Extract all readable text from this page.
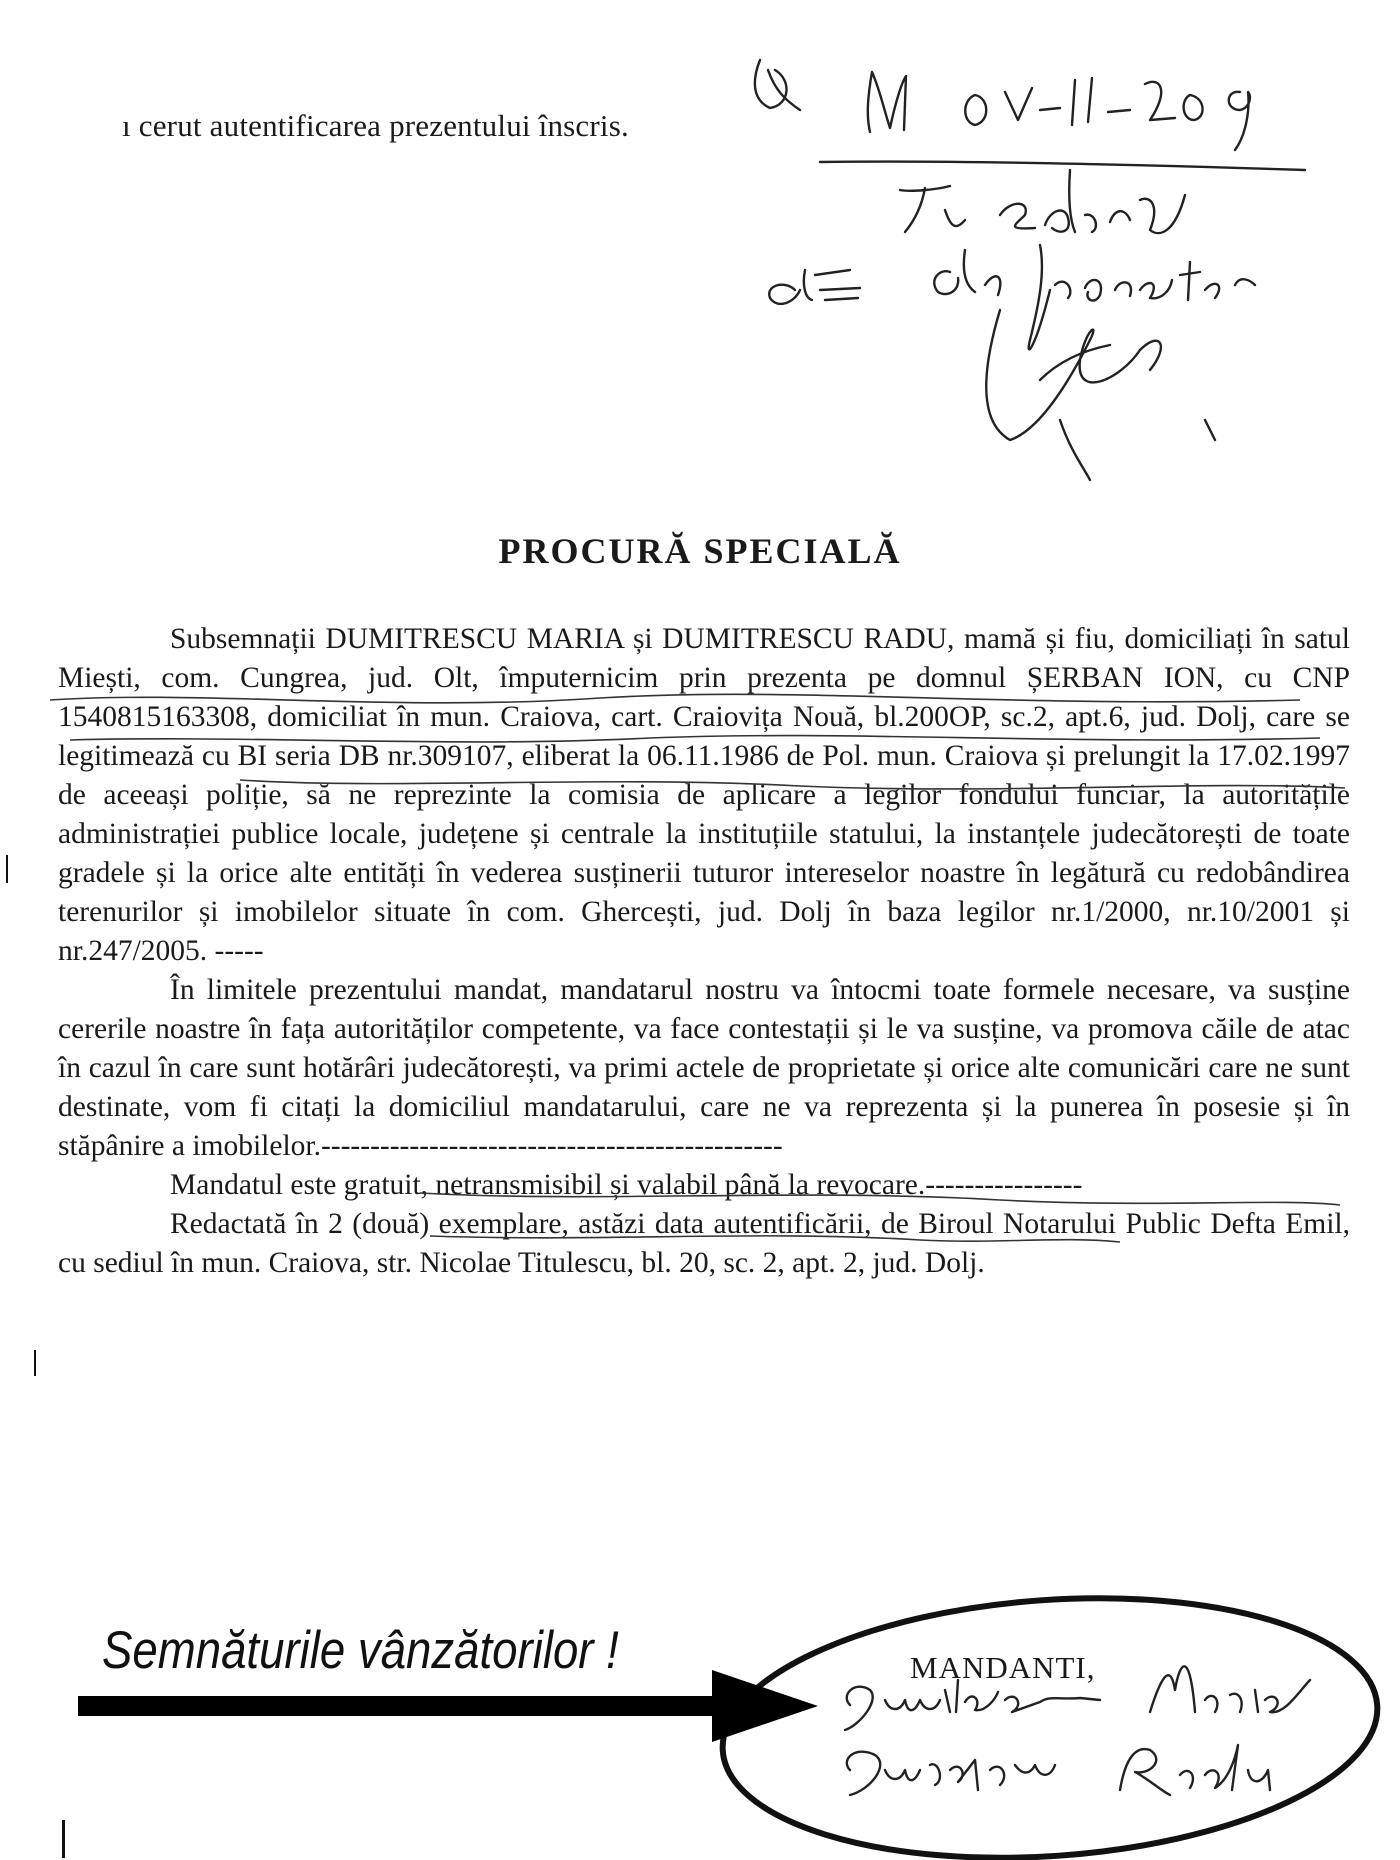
ı cerut autentificarea prezentului înscris.
PROCURĂ SPECIALĂ

Subsemnații DUMITRESCU MARIA și DUMITRESCU RADU, mamă și fiu, domiciliați în satul Miești, com. Cungrea, jud. Olt, împuternicim prin prezenta pe domnul ȘERBAN ION, cu CNP 1540815163308, domiciliat în mun. Craiova, cart. Craiovița Nouă, bl.200OP, sc.2, apt.6, jud. Dolj, care se legitimează cu BI seria DB nr.309107, eliberat la 06.11.1986 de Pol. mun. Craiova și prelungit la 17.02.1997 de aceeași poliție, să ne reprezinte la comisia de aplicare a legilor fondului funciar, la autoritățile administrației publice locale, județene și centrale la instituțiile statului, la instanțele judecătorești de toate gradele și la orice alte entități în vederea susținerii tuturor intereselor noastre în legătură cu redobândirea terenurilor și imobilelor situate în com. Ghercești, jud. Dolj în baza legilor nr.1/2000, nr.10/2001 și nr.247/2005. -----

În limitele prezentului mandat, mandatarul nostru va întocmi toate formele necesare, va susține cererile noastre în fața autorităților competente, va face contestații și le va susține, va promova căile de atac în cazul în care sunt hotărâri judecătorești, va primi actele de proprietate și orice alte comunicări care ne sunt destinate, vom fi citați la domiciliul mandatarului, care ne va reprezenta și la punerea în posesie și în stăpânire a imobilelor.-----------------------------------------------

Mandatul este gratuit, netransmisibil și valabil până la revocare.----------------

Redactată în 2 (două) exemplare, astăzi data autentificării, de Biroul Notarului Public Defta Emil, cu sediul în mun. Craiova, str. Nicolae Titulescu, bl. 20, sc. 2, apt. 2, jud. Dolj.

MANDANTI,
Semnăturile vânzătorilor !
